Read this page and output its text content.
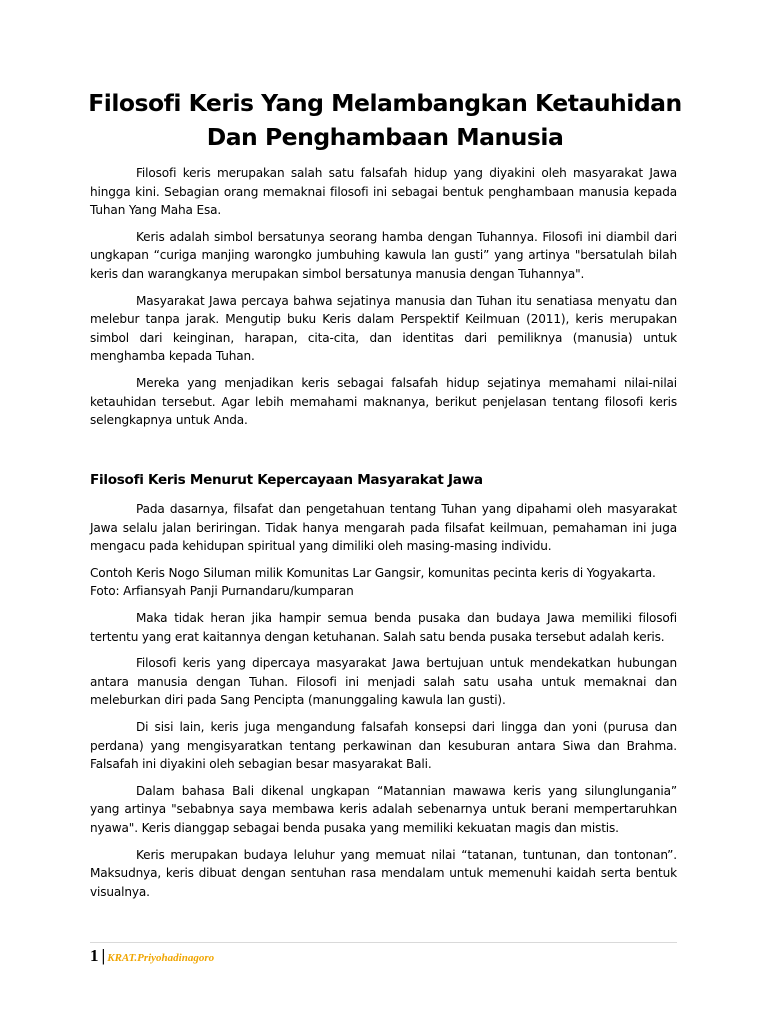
Filosofi Keris Yang Melambangkan Ketauhidan
Dan Penghambaan Manusia

Filosofi keris merupakan salah satu falsafah hidup yang diyakini oleh masyarakat Jawa hingga kini. Sebagian orang memaknai filosofi ini sebagai bentuk penghambaan manusia kepada Tuhan Yang Maha Esa.

Keris adalah simbol bersatunya seorang hamba dengan Tuhannya. Filosofi ini diambil dari ungkapan “curiga manjing warongko jumbuhing kawula lan gusti” yang artinya "bersatulah bilah keris dan warangkanya merupakan simbol bersatunya manusia dengan Tuhannya".

Masyarakat Jawa percaya bahwa sejatinya manusia dan Tuhan itu senatiasa menyatu dan melebur tanpa jarak. Mengutip buku Keris dalam Perspektif Keilmuan (2011), keris merupakan simbol dari keinginan, harapan, cita-cita, dan identitas dari pemiliknya (manusia) untuk menghamba kepada Tuhan.

Mereka yang menjadikan keris sebagai falsafah hidup sejatinya memahami nilai-nilai ketauhidan tersebut. Agar lebih memahami maknanya, berikut penjelasan tentang filosofi keris selengkapnya untuk Anda.

Filosofi Keris Menurut Kepercayaan Masyarakat Jawa

Pada dasarnya, filsafat dan pengetahuan tentang Tuhan yang dipahami oleh masyarakat Jawa selalu jalan beriringan. Tidak hanya mengarah pada filsafat keilmuan, pemahaman ini juga mengacu pada kehidupan spiritual yang dimiliki oleh masing-masing individu.

Contoh Keris Nogo Siluman milik Komunitas Lar Gangsir, komunitas pecinta keris di Yogyakarta. Foto: Arfiansyah Panji Purnandaru/kumparan

Maka tidak heran jika hampir semua benda pusaka dan budaya Jawa memiliki filosofi tertentu yang erat kaitannya dengan ketuhanan. Salah satu benda pusaka tersebut adalah keris.

Filosofi keris yang dipercaya masyarakat Jawa bertujuan untuk mendekatkan hubungan antara manusia dengan Tuhan. Filosofi ini menjadi salah satu usaha untuk memaknai dan meleburkan diri pada Sang Pencipta (manunggaling kawula lan gusti).

Di sisi lain, keris juga mengandung falsafah konsepsi dari lingga dan yoni (purusa dan perdana) yang mengisyaratkan tentang perkawinan dan kesuburan antara Siwa dan Brahma. Falsafah ini diyakini oleh sebagian besar masyarakat Bali.

Dalam bahasa Bali dikenal ungkapan “Matannian mawawa keris yang silunglungania” yang artinya "sebabnya saya membawa keris adalah sebenarnya untuk berani mempertaruhkan nyawa". Keris dianggap sebagai benda pusaka yang memiliki kekuatan magis dan mistis.

Keris merupakan budaya leluhur yang memuat nilai “tatanan, tuntunan, dan tontonan”. Maksudnya, keris dibuat dengan sentuhan rasa mendalam untuk memenuhi kaidah serta bentuk visualnya.

1 | KRAT.Priyohadinagoro
